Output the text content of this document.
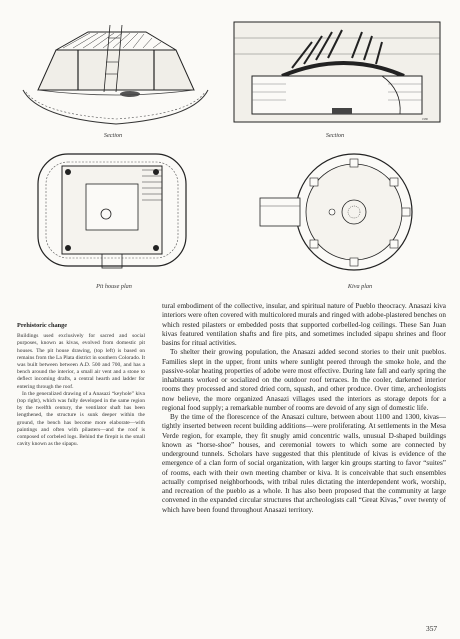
Section
1980
Section
Pit house plan	Kiva plan
Prehistoric change

Buildings used exclusively for sacred and social purposes, known as kivas, evolved from domestic pit houses. The pit house drawing, (top left) is based on remains from the La Plata district in southern Colorado. It was built between between A.D. 500 and 700, and has a bench around the interior, a small air vent and a stone to deflect incoming drafts, a central hearth and ladder for entering through the roof.

In the generalized drawing of a Anasazi “keyhole” kiva (top right), which was fully developed in the same region by the twelfth century, the ventilator shaft has been lengthened, the structure is sunk deeper within the ground, the bench has become more elaborate—with paintings and often with pilasters—and the roof is composed of corbeled logs. Behind the firepit is the small cavity known as the sipapu.

tural embodiment of the collective, insular, and spiritual nature of Pueblo theocracy. Anasazi kiva interiors were often covered with multicolored murals and ringed with adobe-plastered benches on which rested pilasters or embedded posts that supported corbelled-log ceilings. These San Juan kivas featured ventilation shafts and fire pits, and sometimes included sipapu shrines and floor basins for ritual activities.

To shelter their growing population, the Anasazi added second stories to their unit pueblos. Families slept in the upper, front units where sunlight peered through the smoke hole, and the passive-solar heating properties of adobe were most effective. During late fall and early spring the inhabitants worked or socialized on the outdoor roof terraces. In the cooler, darkened interior rooms they processed and stored dried corn, squash, and other produce. Over time, archeologists now believe, the more organized Anasazi villages used the interiors as storage depots for a regional food supply; a remarkable number of rooms are devoid of any sign of domestic life.

By the time of the florescence of the Anasazi culture, between about 1100 and 1300, kivas—tightly inserted between recent building additions—were proliferating. At settlements in the Mesa Verde region, for example, they fit snugly amid concentric walls, unusual D-shaped buildings known as “horse-shoe” houses, and ceremonial towers to which some are connected by underground tunnels. Scholars have suggested that this plentitude of kivas is evidence of the emergence of a clan form of social organization, with larger kin groups starting to favor “suites” of rooms, each with their own meeting chamber or kiva. It is conceivable that such ensembles actually comprised neighborhoods, with tribal rules dictating the interdependent work, worship, and recreation of the pueblo as a whole. It has also been proposed that the community at large convened in the expanded circular structures that archeologists call “Great Kivas,” over twenty of which have been found throughout Anasazi territory.

357
